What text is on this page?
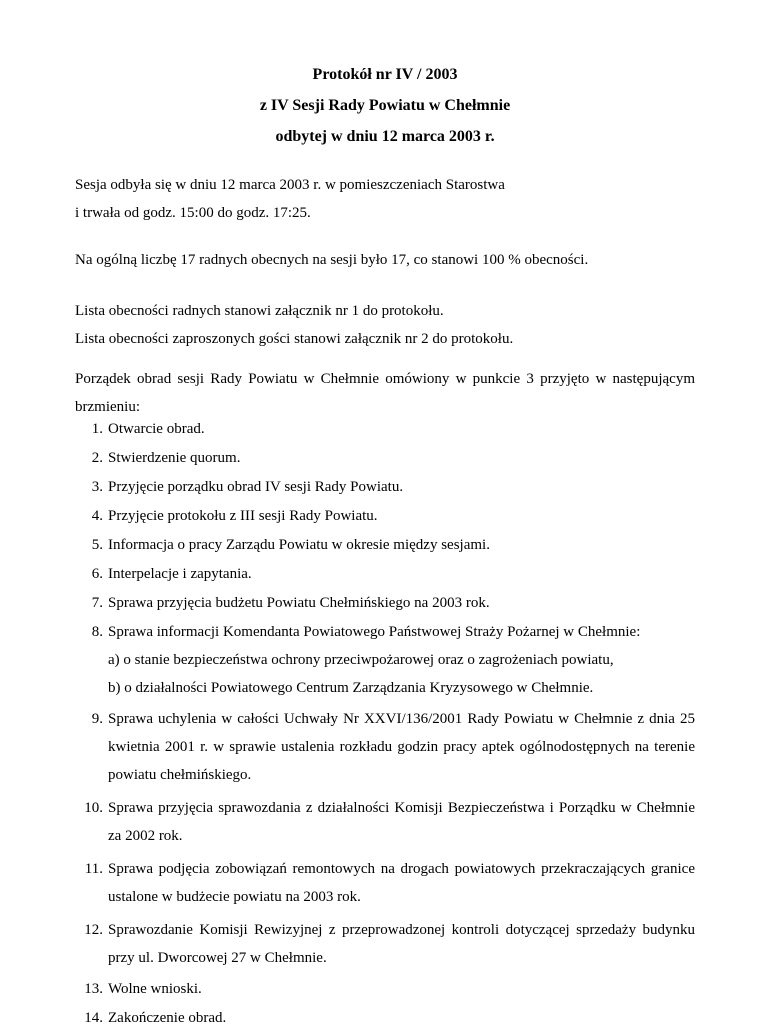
Protokół nr IV / 2003
z IV Sesji Rady Powiatu w Chełmnie
odbytej w dniu 12 marca 2003 r.
Sesja odbyła się w dniu 12 marca 2003 r. w pomieszczeniach Starostwa
i trwała od godz. 15:00 do godz. 17:25.
Na ogólną liczbę 17 radnych obecnych na sesji było 17, co stanowi 100 % obecności.
Lista obecności radnych stanowi załącznik nr 1 do protokołu.
Lista obecności zaproszonych gości stanowi załącznik nr 2 do protokołu.
Porządek obrad sesji Rady Powiatu w Chełmnie omówiony w punkcie 3 przyjęto w następującym brzmieniu:
1. Otwarcie obrad.
2. Stwierdzenie quorum.
3. Przyjęcie porządku obrad IV sesji Rady Powiatu.
4. Przyjęcie protokołu z III sesji Rady Powiatu.
5. Informacja o pracy Zarządu Powiatu w okresie między sesjami.
6. Interpelacje i zapytania.
7. Sprawa przyjęcia budżetu Powiatu Chełmińskiego na 2003 rok.
8. Sprawa informacji Komendanta Powiatowego Państwowej Straży Pożarnej w Chełmnie:
a) o stanie bezpieczeństwa ochrony przeciwpożarowej oraz o zagrożeniach powiatu,
b) o działalności Powiatowego Centrum Zarządzania Kryzysowego w Chełmnie.
9. Sprawa uchylenia w całości Uchwały Nr XXVI/136/2001 Rady Powiatu w Chełmnie z dnia 25 kwietnia 2001 r. w sprawie ustalenia rozkładu godzin pracy aptek ogólnodostępnych na terenie powiatu chełmińskiego.
10. Sprawa przyjęcia sprawozdania z działalności Komisji Bezpieczeństwa i Porządku w Chełmnie za 2002 rok.
11. Sprawa podjęcia zobowiązań remontowych na drogach powiatowych przekraczających granice ustalone w budżecie powiatu na 2003 rok.
12. Sprawozdanie Komisji Rewizyjnej z przeprowadzonej kontroli dotyczącej sprzedaży budynku przy ul. Dworcowej 27 w Chełmnie.
13. Wolne wnioski.
14. Zakończenie obrad.
